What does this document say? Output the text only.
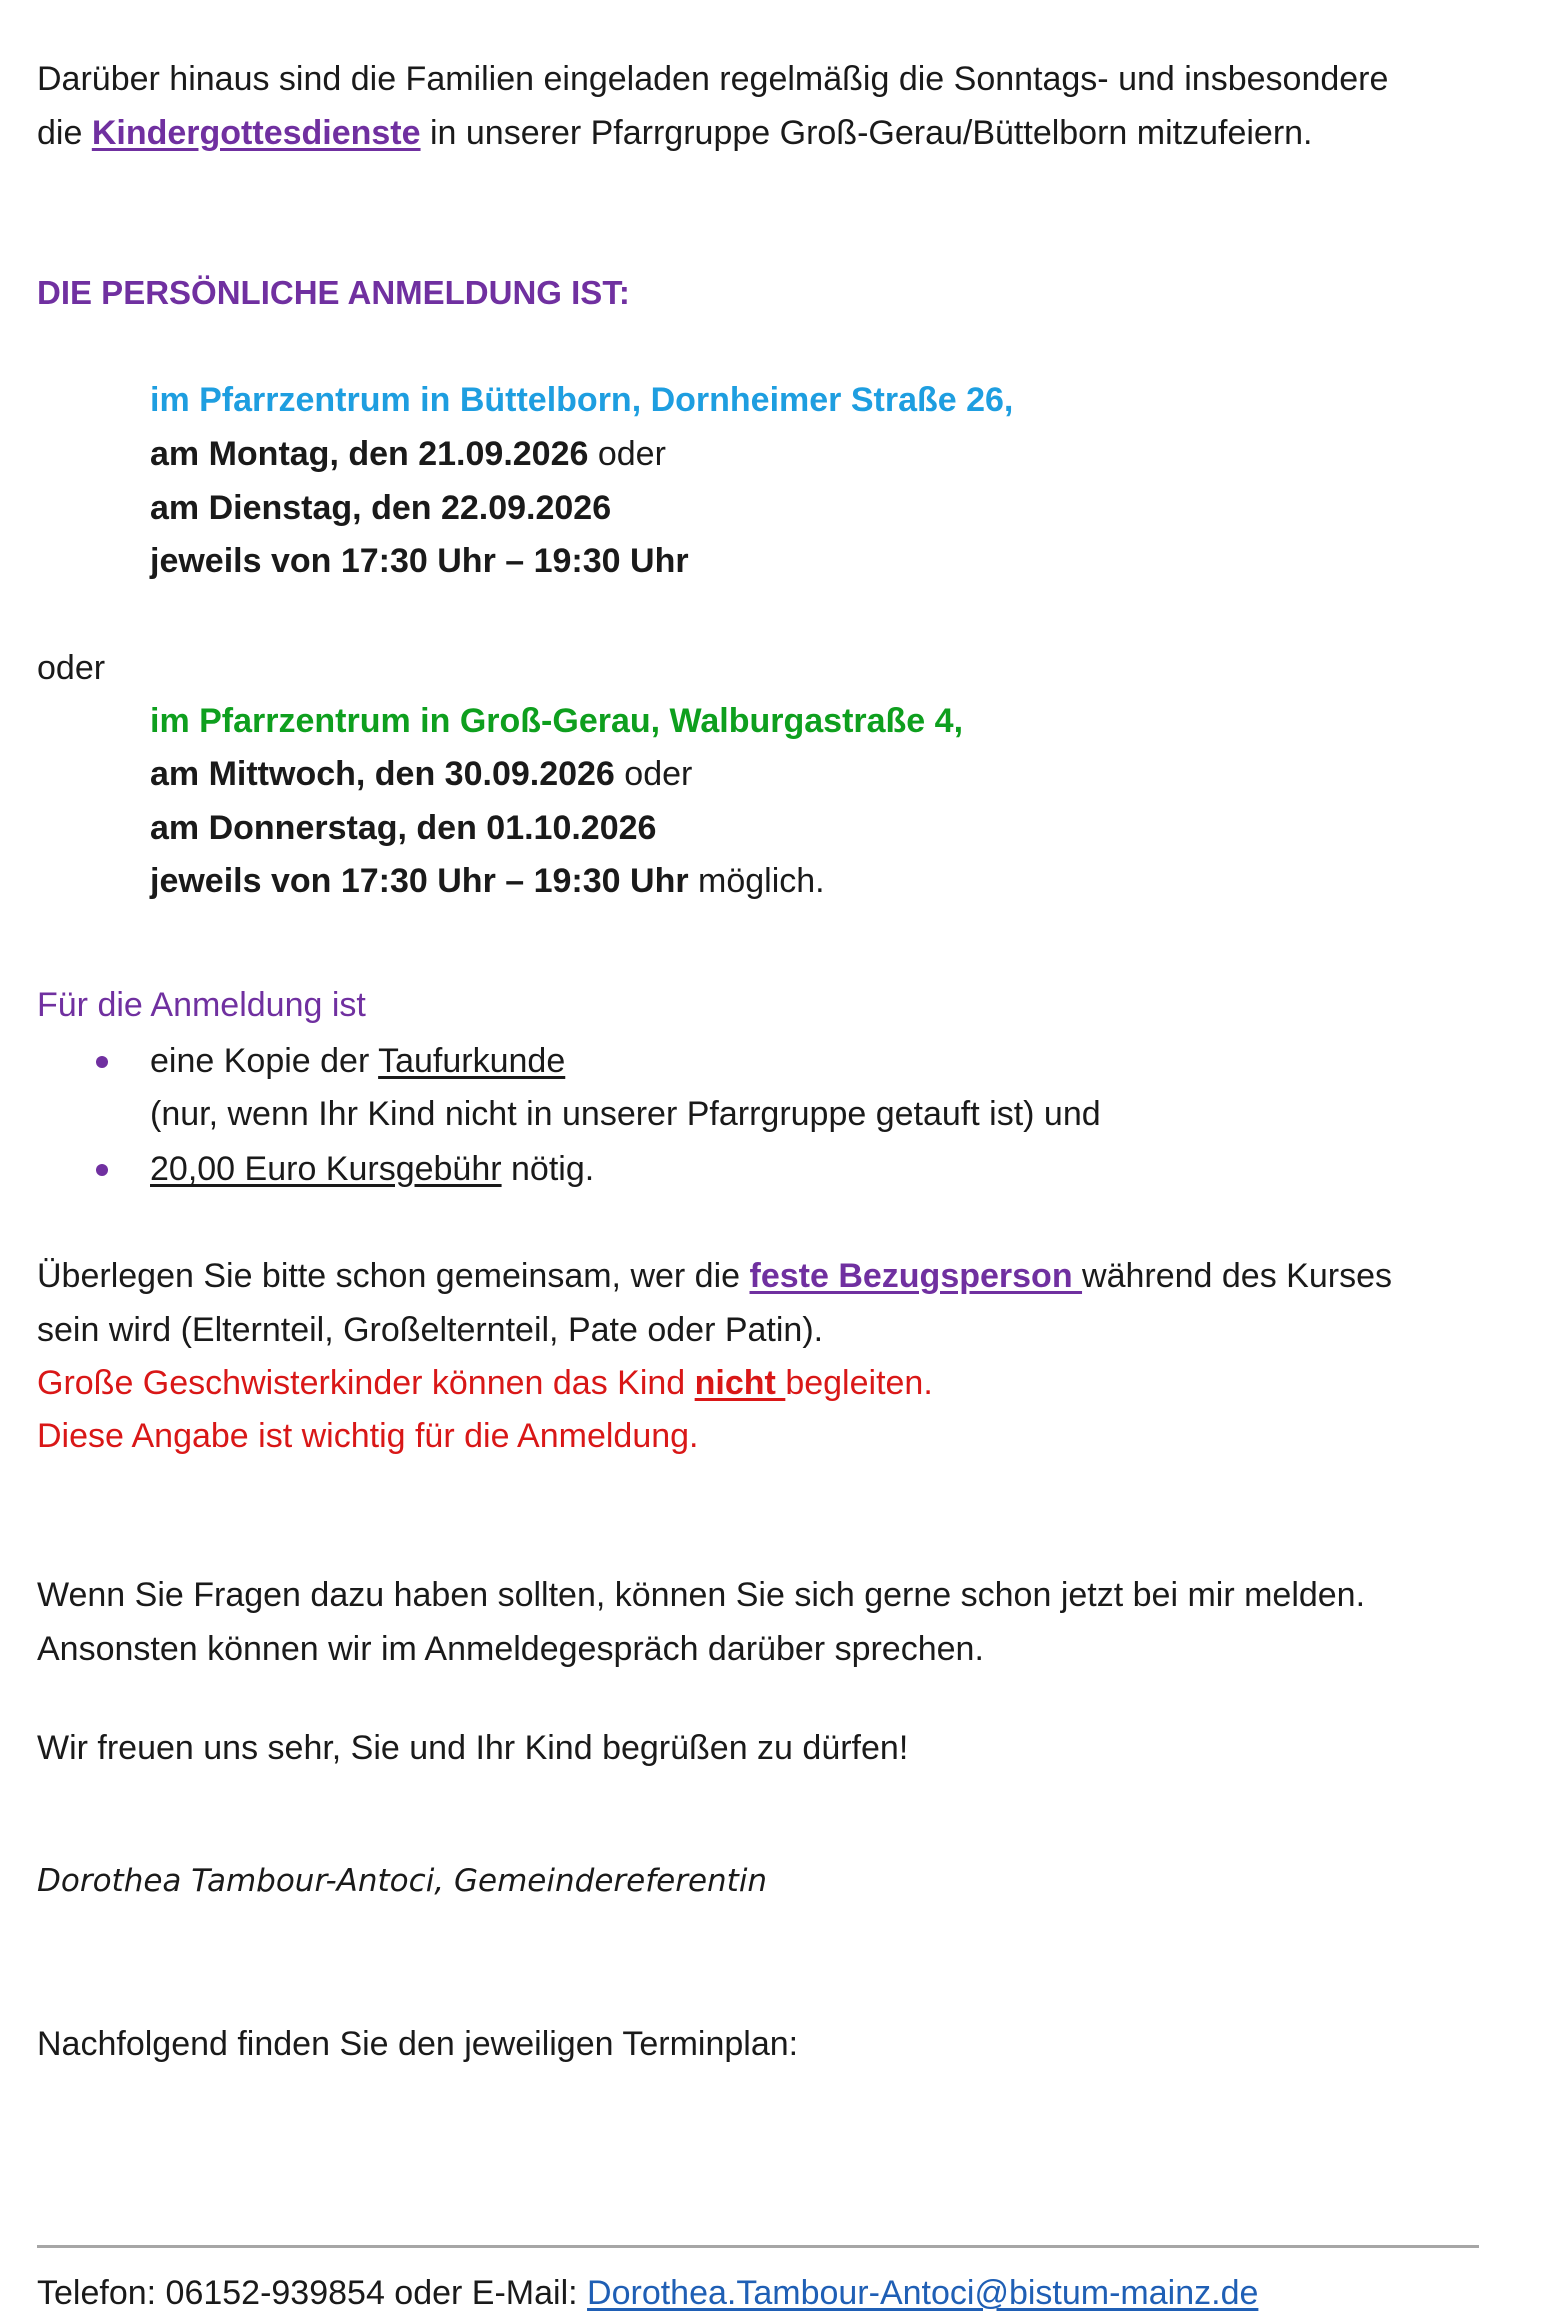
Darüber hinaus sind die Familien eingeladen regelmäßig die Sonntags- und insbesondere
die Kindergottesdienste in unserer Pfarrgruppe Groß-Gerau/Büttelborn mitzufeiern.
DIE PERSÖNLICHE ANMELDUNG IST:
im Pfarrzentrum in Büttelborn, Dornheimer Straße 26,
am Montag, den 21.09.2026 oder
am Dienstag, den 22.09.2026
jeweils von 17:30 Uhr – 19:30 Uhr
oder
im Pfarrzentrum in Groß-Gerau, Walburgastraße 4,
am Mittwoch, den 30.09.2026 oder
am Donnerstag, den 01.10.2026
jeweils von 17:30 Uhr – 19:30 Uhr möglich.
Für die Anmeldung ist
eine Kopie der Taufurkunde
(nur, wenn Ihr Kind nicht in unserer Pfarrgruppe getauft ist) und
20,00 Euro Kursgebühr nötig.
Überlegen Sie bitte schon gemeinsam, wer die feste Bezugsperson während des Kurses
sein wird (Elternteil, Großelternteil, Pate oder Patin).
Große Geschwisterkinder können das Kind nicht begleiten.
Diese Angabe ist wichtig für die Anmeldung.
Wenn Sie Fragen dazu haben sollten, können Sie sich gerne schon jetzt bei mir melden.
Ansonsten können wir im Anmeldegespräch darüber sprechen.
Wir freuen uns sehr, Sie und Ihr Kind begrüßen zu dürfen!
Dorothea Tambour-Antoci, Gemeindereferentin
Nachfolgend finden Sie den jeweiligen Terminplan:
Telefon: 06152-939854 oder E-Mail: Dorothea.Tambour-Antoci@bistum-mainz.de
